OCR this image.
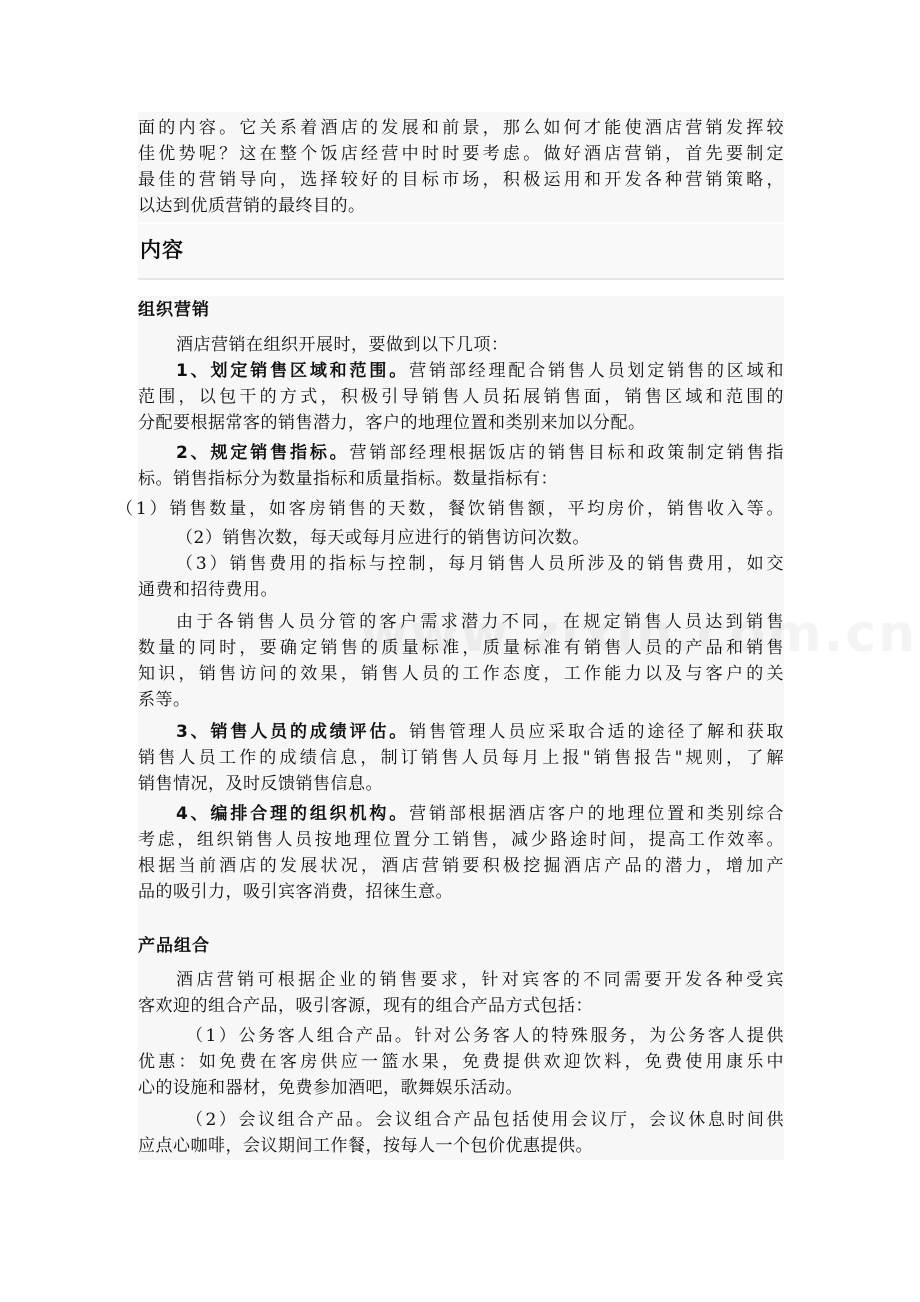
面的内容。它关系着酒店的发展和前景，那么如何才能使酒店营销发挥较
佳优势呢？这在整个饭店经营中时时要考虑。做好酒店营销，首先要制定
最佳的营销导向，选择较好的目标市场，积极运用和开发各种营销策略，
以达到优质营销的最终目的。
内容
组织营销
酒店营销在组织开展时，要做到以下几项：
1、划定销售区域和范围。营销部经理配合销售人员划定销售的区域和
范围，以包干的方式，积极引导销售人员拓展销售面，销售区域和范围的
分配要根据常客的销售潜力，客户的地理位置和类别来加以分配。
2、规定销售指标。营销部经理根据饭店的销售目标和政策制定销售指
标。销售指标分为数量指标和质量指标。数量指标有：
（1）销售数量，如客房销售的天数，餐饮销售额，平均房价，销售收入等。
（2）销售次数，每天或每月应进行的销售访问次数。
（3）销售费用的指标与控制，每月销售人员所涉及的销售费用，如交
通费和招待费用。
由于各销售人员分管的客户需求潜力不同，在规定销售人员达到销售
数量的同时，要确定销售的质量标准，质量标准有销售人员的产品和销售
知识，销售访问的效果，销售人员的工作态度，工作能力以及与客户的关
系等。
3、销售人员的成绩评估。销售管理人员应采取合适的途径了解和获取
销售人员工作的成绩信息，制订销售人员每月上报"销售报告"规则，了解
销售情况，及时反馈销售信息。
4、编排合理的组织机构。营销部根据酒店客户的地理位置和类别综合
考虑，组织销售人员按地理位置分工销售，减少路途时间，提高工作效率。
根据当前酒店的发展状况，酒店营销要积极挖掘酒店产品的潜力，增加产
品的吸引力，吸引宾客消费，招徕生意。
产品组合
酒店营销可根据企业的销售要求，针对宾客的不同需要开发各种受宾
客欢迎的组合产品，吸引客源，现有的组合产品方式包括：
（1）公务客人组合产品。针对公务客人的特殊服务，为公务客人提供
优惠：如免费在客房供应一篮水果，免费提供欢迎饮料，免费使用康乐中
心的设施和器材，免费参加酒吧，歌舞娱乐活动。
（2）会议组合产品。会议组合产品包括使用会议厅，会议休息时间供
应点心咖啡，会议期间工作餐，按每人一个包价优惠提供。
